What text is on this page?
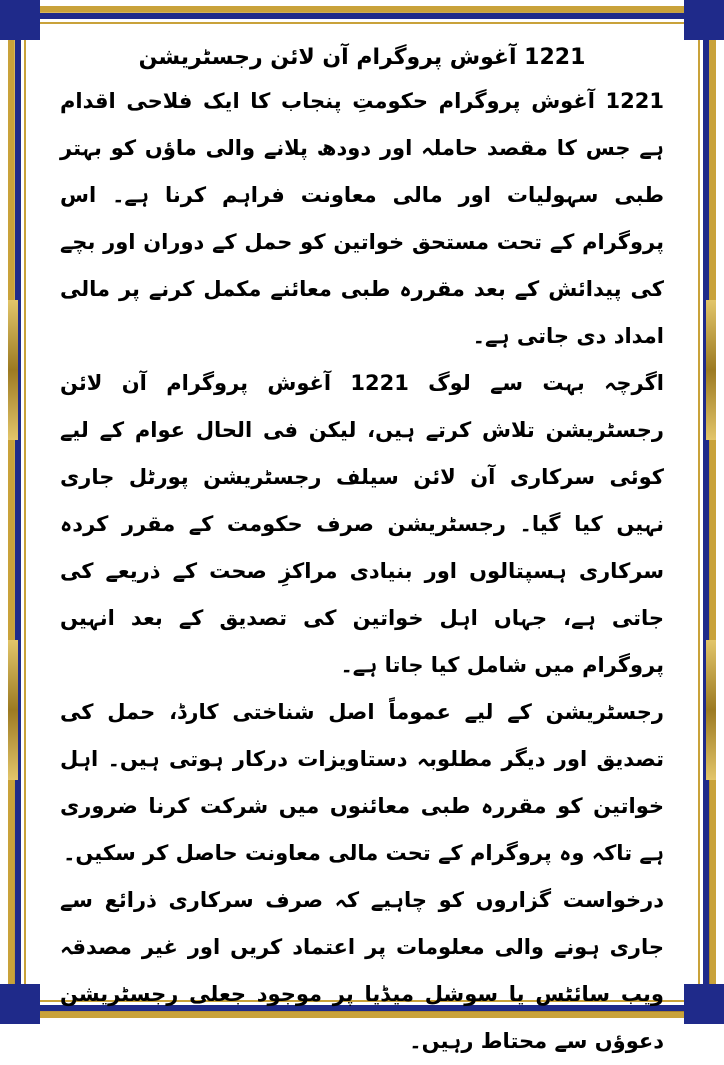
1221 آغوش پروگرام آن لائن رجسٹریشن

1221 آغوش پروگرام حکومتِ پنجاب کا ایک فلاحی اقدام ہے جس کا مقصد حاملہ اور دودھ پلانے والی ماؤں کو بہتر طبی سہولیات اور مالی معاونت فراہم کرنا ہے۔ اس پروگرام کے تحت مستحق خواتین کو حمل کے دوران اور بچے کی پیدائش کے بعد مقررہ طبی معائنے مکمل کرنے پر مالی امداد دی جاتی ہے۔

اگرچہ بہت سے لوگ 1221 آغوش پروگرام آن لائن رجسٹریشن تلاش کرتے ہیں، لیکن فی الحال عوام کے لیے کوئی سرکاری آن لائن سیلف رجسٹریشن پورٹل جاری نہیں کیا گیا۔ رجسٹریشن صرف حکومت کے مقرر کردہ سرکاری ہسپتالوں اور بنیادی مراکزِ صحت کے ذریعے کی جاتی ہے، جہاں اہل خواتین کی تصدیق کے بعد انہیں پروگرام میں شامل کیا جاتا ہے۔

رجسٹریشن کے لیے عموماً اصل شناختی کارڈ، حمل کی تصدیق اور دیگر مطلوبہ دستاویزات درکار ہوتی ہیں۔ اہل خواتین کو مقررہ طبی معائنوں میں شرکت کرنا ضروری ہے تاکہ وہ پروگرام کے تحت مالی معاونت حاصل کر سکیں۔

درخواست گزاروں کو چاہیے کہ صرف سرکاری ذرائع سے جاری ہونے والی معلومات پر اعتماد کریں اور غیر مصدقہ ویب سائٹس یا سوشل میڈیا پر موجود جعلی رجسٹریشن دعوؤں سے محتاط رہیں۔
